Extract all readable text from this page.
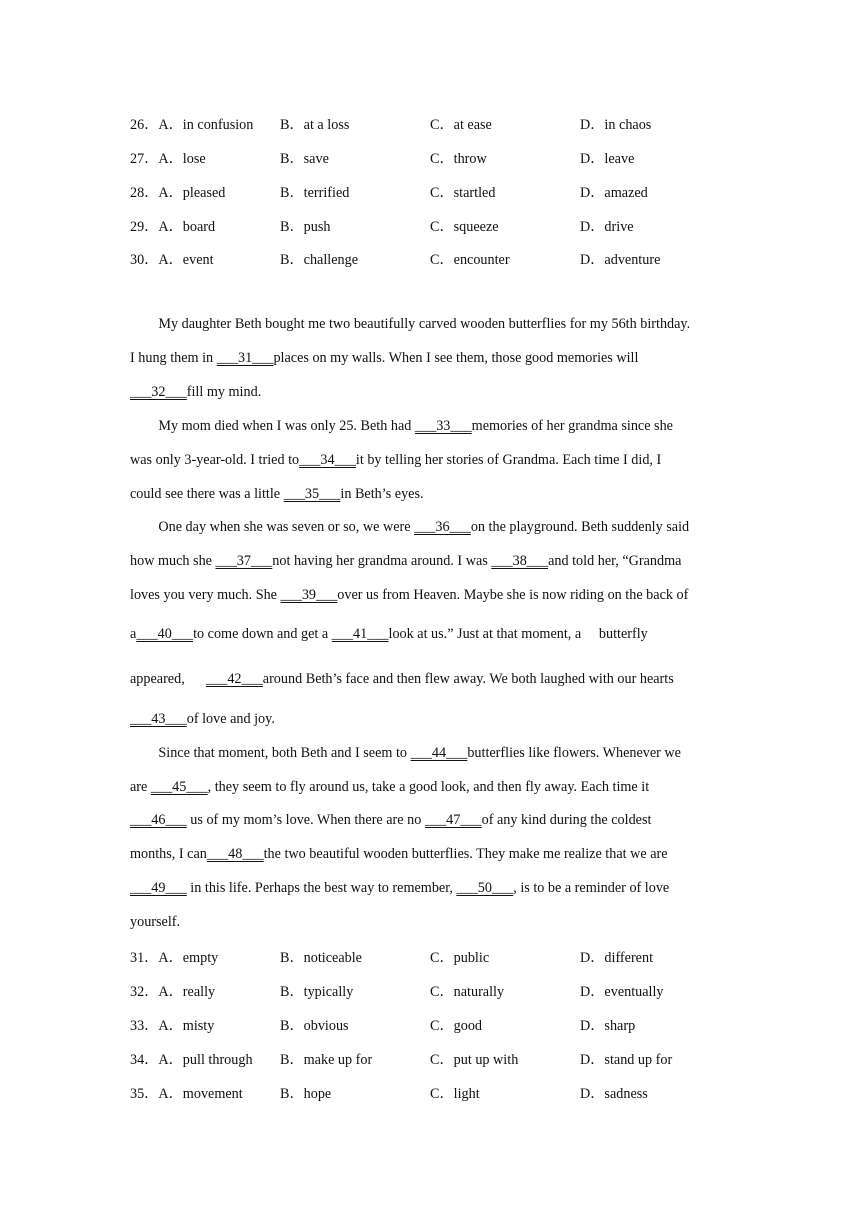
26．A．in confusion B．at a loss	C．at ease	D．in chaos
27．A．lose	B．save	C．throw	D．leave
28．A．pleased	B．terrified	C．startled	D．amazed
29．A．board	B．push	C．squeeze	D．drive
30．A．event	B．challenge	C．encounter	D．adventure
My daughter Beth bought me two beautifully carved wooden butterflies for my 56th birthday.
I hung them in ___31___places on my walls. When I see them, those good memories will
___32___fill my mind.
My mom died when I was only 25. Beth had ___33___memories of her grandma since she
was only 3-year-old. I tried to___34___it by telling her stories of Grandma. Each time I did, I
could see there was a little ___35___in Beth’s eyes.
One day when she was seven or so, we were ___36___on the playground. Beth suddenly said
how much she ___37___not having her grandma around. I was ___38___and told her, “Grandma
loves you very much. She ___39___over us from Heaven. Maybe she is now riding on the back of
a___40___to come down and get a ___41___look at us.” Just at that moment, a     butterfly
appeared,      ___42___around Beth’s face and then flew away. We both laughed with our hearts
___43___of love and joy.
Since that moment, both Beth and I seem to ___44___butterflies like flowers. Whenever we
are ___45___, they seem to fly around us, take a good look, and then fly away. Each time it
___46___ us of my mom’s love. When there are no ___47___of any kind during the coldest
months, I can___48___the two beautiful wooden butterflies. They make me realize that we are
___49___ in this life. Perhaps the best way to remember, ___50___, is to be a reminder of love
yourself.
31．A．empty	B．noticeable	C．public	D．different
32．A．really	B．typically	C．naturally	D．eventually
33．A．misty	B．obvious	C．good	D．sharp
34．A．pull through B．make up for	C．put up with	D．stand up for
35．A．movement	B．hope	C．light	D．sadness
